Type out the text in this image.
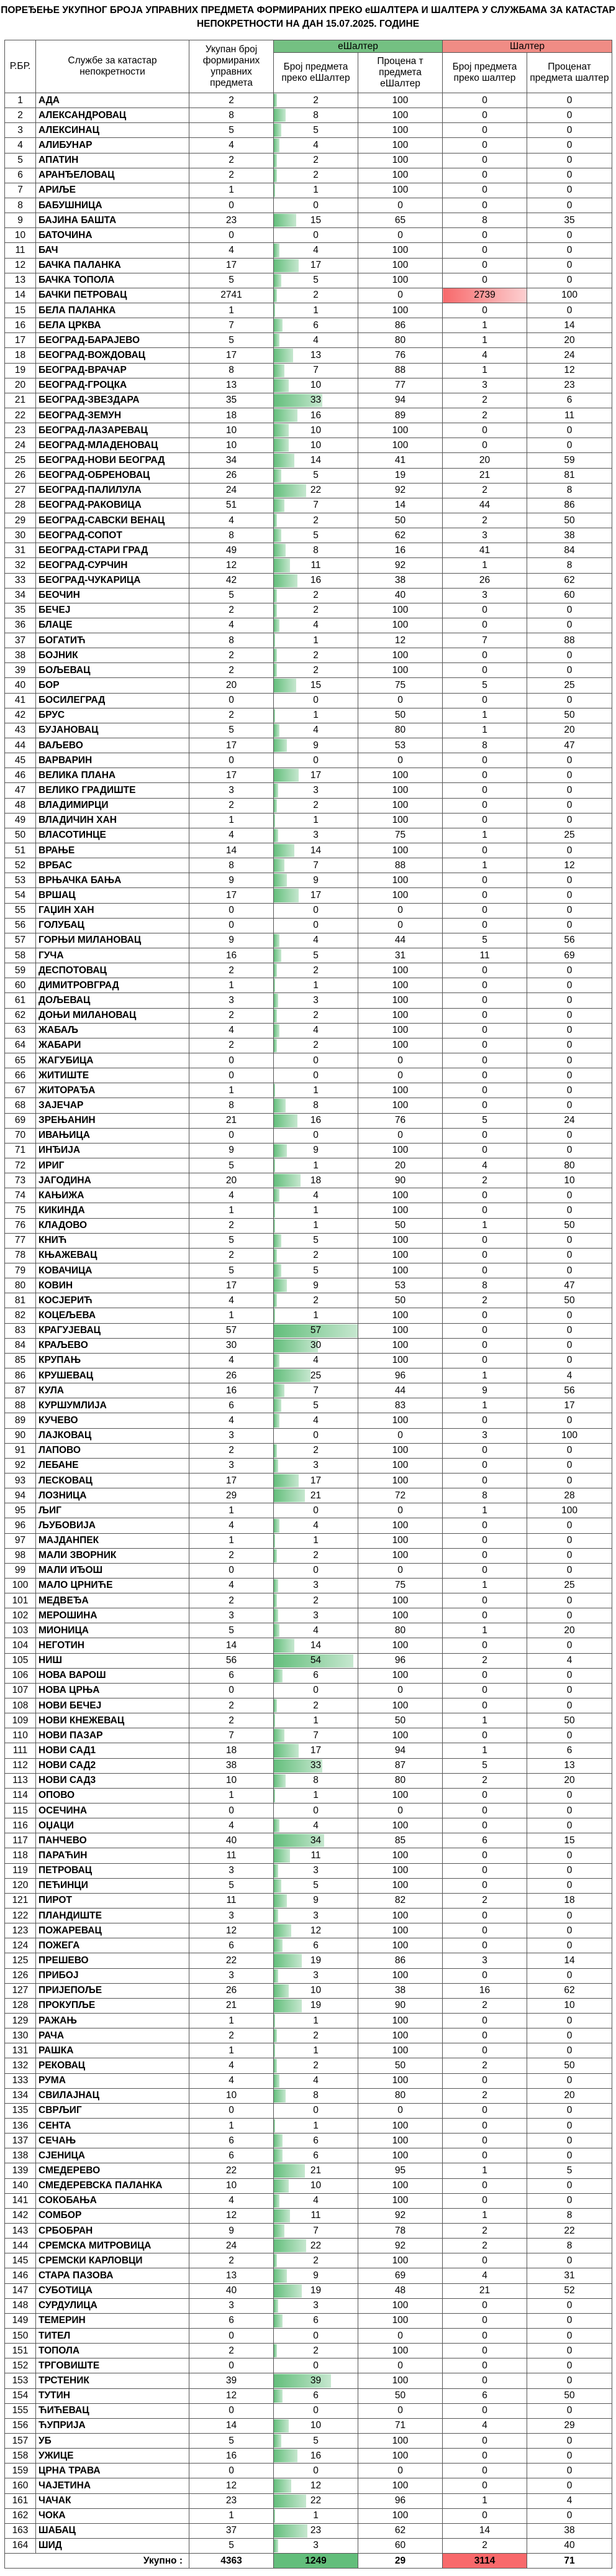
ПОРЕЂЕЊЕ УКУПНОГ БРОЈА УПРАВНИХ ПРЕДМЕТА ФОРМИРАНИХ ПРЕКО еШАЛТЕРА И ШАЛТЕРА У СЛУЖБАМА ЗА КАТАСТАР НЕПОКРЕТНОСТИ НА ДАН 15.07.2025. ГОДИНЕ
Р.БР.	Службе за катастар непокретности	Укупан број формираних управних предмета	еШалтер		Шалтер	
			Број предмета преко еШалтер	Процена т предмета еШалтер	Број предмета преко шалтер	Проценат предмета шалтер
1	АДА	2	2	100	0	0
2	АЛЕКСАНДРОВАЦ	8	8	100	0	0
3	АЛЕКСИНАЦ	5	5	100	0	0
4	АЛИБУНАР	4	4	100	0	0
5	АПАТИН	2	2	100	0	0
6	АРАНЂЕЛОВАЦ	2	2	100	0	0
7	АРИЉЕ	1	1	100	0	0
8	БАБУШНИЦА	0	0	0	0	0
9	БАЈИНА БАШТА	23	15	65	8	35
10	БАТОЧИНА	0	0	0	0	0
11	БАЧ	4	4	100	0	0
12	БАЧКА ПАЛАНКА	17	17	100	0	0
13	БАЧКА ТОПОЛА	5	5	100	0	0
14	БАЧКИ ПЕТРОВАЦ	2741	2	0	2739	100
15	БЕЛА ПАЛАНКА	1	1	100	0	0
16	БЕЛА ЦРКВА	7	6	86	1	14
17	БЕОГРАД-БАРАЈЕВО	5	4	80	1	20
18	БЕОГРАД-ВОЖДОВАЦ	17	13	76	4	24
19	БЕОГРАД-ВРАЧАР	8	7	88	1	12
20	БЕОГРАД-ГРОЦКА	13	10	77	3	23
21	БЕОГРАД-ЗВЕЗДАРА	35	33	94	2	6
22	БЕОГРАД-ЗЕМУН	18	16	89	2	11
23	БЕОГРАД-ЛАЗАРЕВАЦ	10	10	100	0	0
24	БЕОГРАД-МЛАДЕНОВАЦ	10	10	100	0	0
25	БЕОГРАД-НОВИ БЕОГРАД	34	14	41	20	59
26	БЕОГРАД-ОБРЕНОВАЦ	26	5	19	21	81
27	БЕОГРАД-ПАЛИЛУЛА	24	22	92	2	8
28	БЕОГРАД-РАКОВИЦА	51	7	14	44	86
29	БЕОГРАД-САВСКИ ВЕНАЦ	4	2	50	2	50
30	БЕОГРАД-СОПОТ	8	5	62	3	38
31	БЕОГРАД-СТАРИ ГРАД	49	8	16	41	84
32	БЕОГРАД-СУРЧИН	12	11	92	1	8
33	БЕОГРАД-ЧУКАРИЦА	42	16	38	26	62
34	БЕОЧИН	5	2	40	3	60
35	БЕЧЕЈ	2	2	100	0	0
36	БЛАЦЕ	4	4	100	0	0
37	БОГАТИЋ	8	1	12	7	88
38	БОЈНИК	2	2	100	0	0
39	БОЉЕВАЦ	2	2	100	0	0
40	БОР	20	15	75	5	25
41	БОСИЛЕГРАД	0	0	0	0	0
42	БРУС	2	1	50	1	50
43	БУЈАНОВАЦ	5	4	80	1	20
44	ВАЉЕВО	17	9	53	8	47
45	ВАРВАРИН	0	0	0	0	0
46	ВЕЛИКА ПЛАНА	17	17	100	0	0
47	ВЕЛИКО ГРАДИШТЕ	3	3	100	0	0
48	ВЛАДИМИРЦИ	2	2	100	0	0
49	ВЛАДИЧИН ХАН	1	1	100	0	0
50	ВЛАСОТИНЦЕ	4	3	75	1	25
51	ВРАЊЕ	14	14	100	0	0
52	ВРБАС	8	7	88	1	12
53	ВРЊАЧКА БАЊА	9	9	100	0	0
54	ВРШАЦ	17	17	100	0	0
55	ГАЏИН ХАН	0	0	0	0	0
56	ГОЛУБАЦ	0	0	0	0	0
57	ГОРЊИ МИЛАНОВАЦ	9	4	44	5	56
58	ГУЧА	16	5	31	11	69
59	ДЕСПОТОВАЦ	2	2	100	0	0
60	ДИМИТРОВГРАД	1	1	100	0	0
61	ДОЉЕВАЦ	3	3	100	0	0
62	ДОЊИ МИЛАНОВАЦ	2	2	100	0	0
63	ЖАБАЉ	4	4	100	0	0
64	ЖАБАРИ	2	2	100	0	0
65	ЖАГУБИЦА	0	0	0	0	0
66	ЖИТИШТЕ	0	0	0	0	0
67	ЖИТОРАЂА	1	1	100	0	0
68	ЗАЈЕЧАР	8	8	100	0	0
69	ЗРЕЊАНИН	21	16	76	5	24
70	ИВАЊИЦА	0	0	0	0	0
71	ИНЂИЈА	9	9	100	0	0
72	ИРИГ	5	1	20	4	80
73	ЈАГОДИНА	20	18	90	2	10
74	КАЊИЖА	4	4	100	0	0
75	КИКИНДА	1	1	100	0	0
76	КЛАДОВО	2	1	50	1	50
77	КНИЋ	5	5	100	0	0
78	КЊАЖЕВАЦ	2	2	100	0	0
79	КОВАЧИЦА	5	5	100	0	0
80	КОВИН	17	9	53	8	47
81	КОСЈЕРИЋ	4	2	50	2	50
82	КОЦЕЉЕВА	1	1	100	0	0
83	КРАГУЈЕВАЦ	57	57	100	0	0
84	КРАЉЕВО	30	30	100	0	0
85	КРУПАЊ	4	4	100	0	0
86	КРУШЕВАЦ	26	25	96	1	4
87	КУЛА	16	7	44	9	56
88	КУРШУМЛИЈА	6	5	83	1	17
89	КУЧЕВО	4	4	100	0	0
90	ЛАЈКОВАЦ	3	0	0	3	100
91	ЛАПОВО	2	2	100	0	0
92	ЛЕБАНЕ	3	3	100	0	0
93	ЛЕСКОВАЦ	17	17	100	0	0
94	ЛОЗНИЦА	29	21	72	8	28
95	ЉИГ	1	0	0	1	100
96	ЉУБОВИЈА	4	4	100	0	0
97	МАЈДАНПЕК	1	1	100	0	0
98	МАЛИ ЗВОРНИК	2	2	100	0	0
99	МАЛИ ИЂОШ	0	0	0	0	0
100	МАЛО ЦРНИЋЕ	4	3	75	1	25
101	МЕДВЕЂА	2	2	100	0	0
102	МЕРОШИНА	3	3	100	0	0
103	МИОНИЦА	5	4	80	1	20
104	НЕГОТИН	14	14	100	0	0
105	НИШ	56	54	96	2	4
106	НОВА ВАРОШ	6	6	100	0	0
107	НОВА ЦРЊА	0	0	0	0	0
108	НОВИ БЕЧЕЈ	2	2	100	0	0
109	НОВИ КНЕЖЕВАЦ	2	1	50	1	50
110	НОВИ ПАЗАР	7	7	100	0	0
111	НОВИ САД1	18	17	94	1	6
112	НОВИ САД2	38	33	87	5	13
113	НОВИ САД3	10	8	80	2	20
114	ОПОВО	1	1	100	0	0
115	ОСЕЧИНА	0	0	0	0	0
116	ОЏАЦИ	4	4	100	0	0
117	ПАНЧЕВО	40	34	85	6	15
118	ПАРАЋИН	11	11	100	0	0
119	ПЕТРОВАЦ	3	3	100	0	0
120	ПЕЋИНЦИ	5	5	100	0	0
121	ПИРОТ	11	9	82	2	18
122	ПЛАНДИШТЕ	3	3	100	0	0
123	ПОЖАРЕВАЦ	12	12	100	0	0
124	ПОЖЕГА	6	6	100	0	0
125	ПРЕШЕВО	22	19	86	3	14
126	ПРИБОЈ	3	3	100	0	0
127	ПРИЈЕПОЉЕ	26	10	38	16	62
128	ПРОКУПЉЕ	21	19	90	2	10
129	РАЖАЊ	1	1	100	0	0
130	РАЧА	2	2	100	0	0
131	РАШКА	1	1	100	0	0
132	РЕКОВАЦ	4	2	50	2	50
133	РУМА	4	4	100	0	0
134	СВИЛАЈНАЦ	10	8	80	2	20
135	СВРЉИГ	0	0	0	0	0
136	СЕНТА	1	1	100	0	0
137	СЕЧАЊ	6	6	100	0	0
138	СЈЕНИЦА	6	6	100	0	0
139	СМЕДЕРЕВО	22	21	95	1	5
140	СМЕДЕРЕВСКА ПАЛАНКА	10	10	100	0	0
141	СОКОБАЊА	4	4	100	0	0
142	СОМБОР	12	11	92	1	8
143	СРБОБРАН	9	7	78	2	22
144	СРЕМСКА МИТРОВИЦА	24	22	92	2	8
145	СРЕМСКИ КАРЛОВЦИ	2	2	100	0	0
146	СТАРА ПАЗОВА	13	9	69	4	31
147	СУБОТИЦА	40	19	48	21	52
148	СУРДУЛИЦА	3	3	100	0	0
149	ТЕМЕРИН	6	6	100	0	0
150	ТИТЕЛ	0	0	0	0	0
151	ТОПОЛА	2	2	100	0	0
152	ТРГОВИШТЕ	0	0	0	0	0
153	ТРСТЕНИК	39	39	100	0	0
154	ТУТИН	12	6	50	6	50
155	ЋИЋЕВАЦ	0	0	0	0	0
156	ЋУПРИЈА	14	10	71	4	29
157	УБ	5	5	100	0	0
158	УЖИЦЕ	16	16	100	0	0
159	ЦРНА ТРАВА	0	0	0	0	0
160	ЧАЈЕТИНА	12	12	100	0	0
161	ЧАЧАК	23	22	96	1	4
162	ЧОКА	1	1	100	0	0
163	ШАБАЦ	37	23	62	14	38
164	ШИД	5	3	60	2	40
Укупно :		4363	1249	29	3114	71
